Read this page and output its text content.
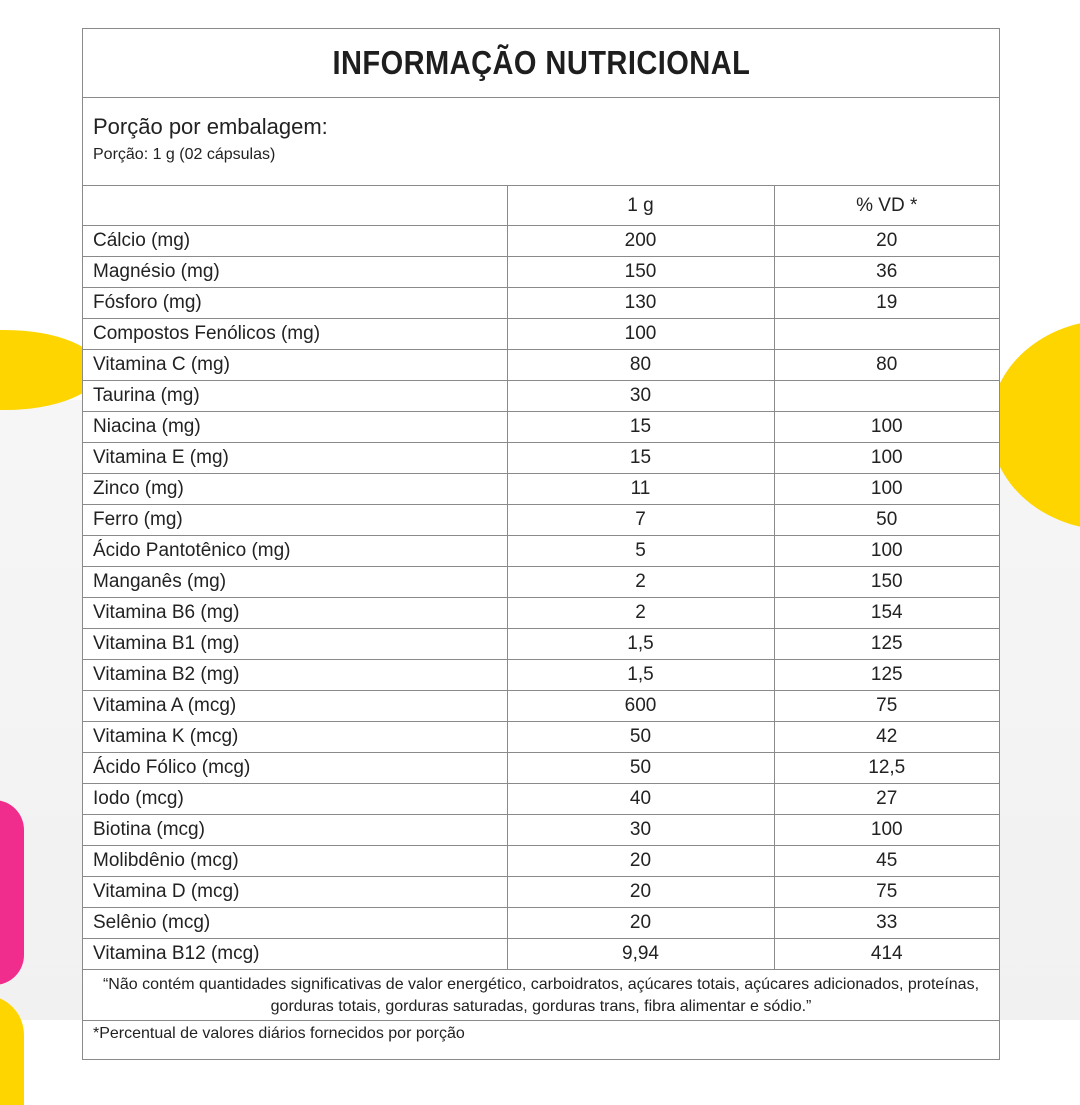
INFORMAÇÃO NUTRICIONAL
Porção por embalagem:
Porção: 1 g (02 cápsulas)
	1 g	% VD *
Cálcio (mg)	200	20
Magnésio (mg)	150	36
Fósforo (mg)	130	19
Compostos Fenólicos (mg)	100	
Vitamina C (mg)	80	80
Taurina (mg)	30	
Niacina (mg)	15	100
Vitamina E (mg)	15	100
Zinco (mg)	11	100
Ferro (mg)	7	50
Ácido Pantotênico (mg)	5	100
Manganês (mg)	2	150
Vitamina B6 (mg)	2	154
Vitamina B1 (mg)	1,5	125
Vitamina B2 (mg)	1,5	125
Vitamina A (mcg)	600	75
Vitamina K (mcg)	50	42
Ácido Fólico (mcg)	50	12,5
Iodo (mcg)	40	27
Biotina (mcg)	30	100
Molibdênio (mcg)	20	45
Vitamina D (mcg)	20	75
Selênio (mcg)	20	33
Vitamina B12 (mcg)	9,94	414
“Não contém quantidades significativas de valor energético, carboidratos, açúcares totais, açúcares adicionados, proteínas, gorduras totais, gorduras saturadas, gorduras trans, fibra alimentar e sódio.”
*Percentual de valores diários fornecidos por porção
